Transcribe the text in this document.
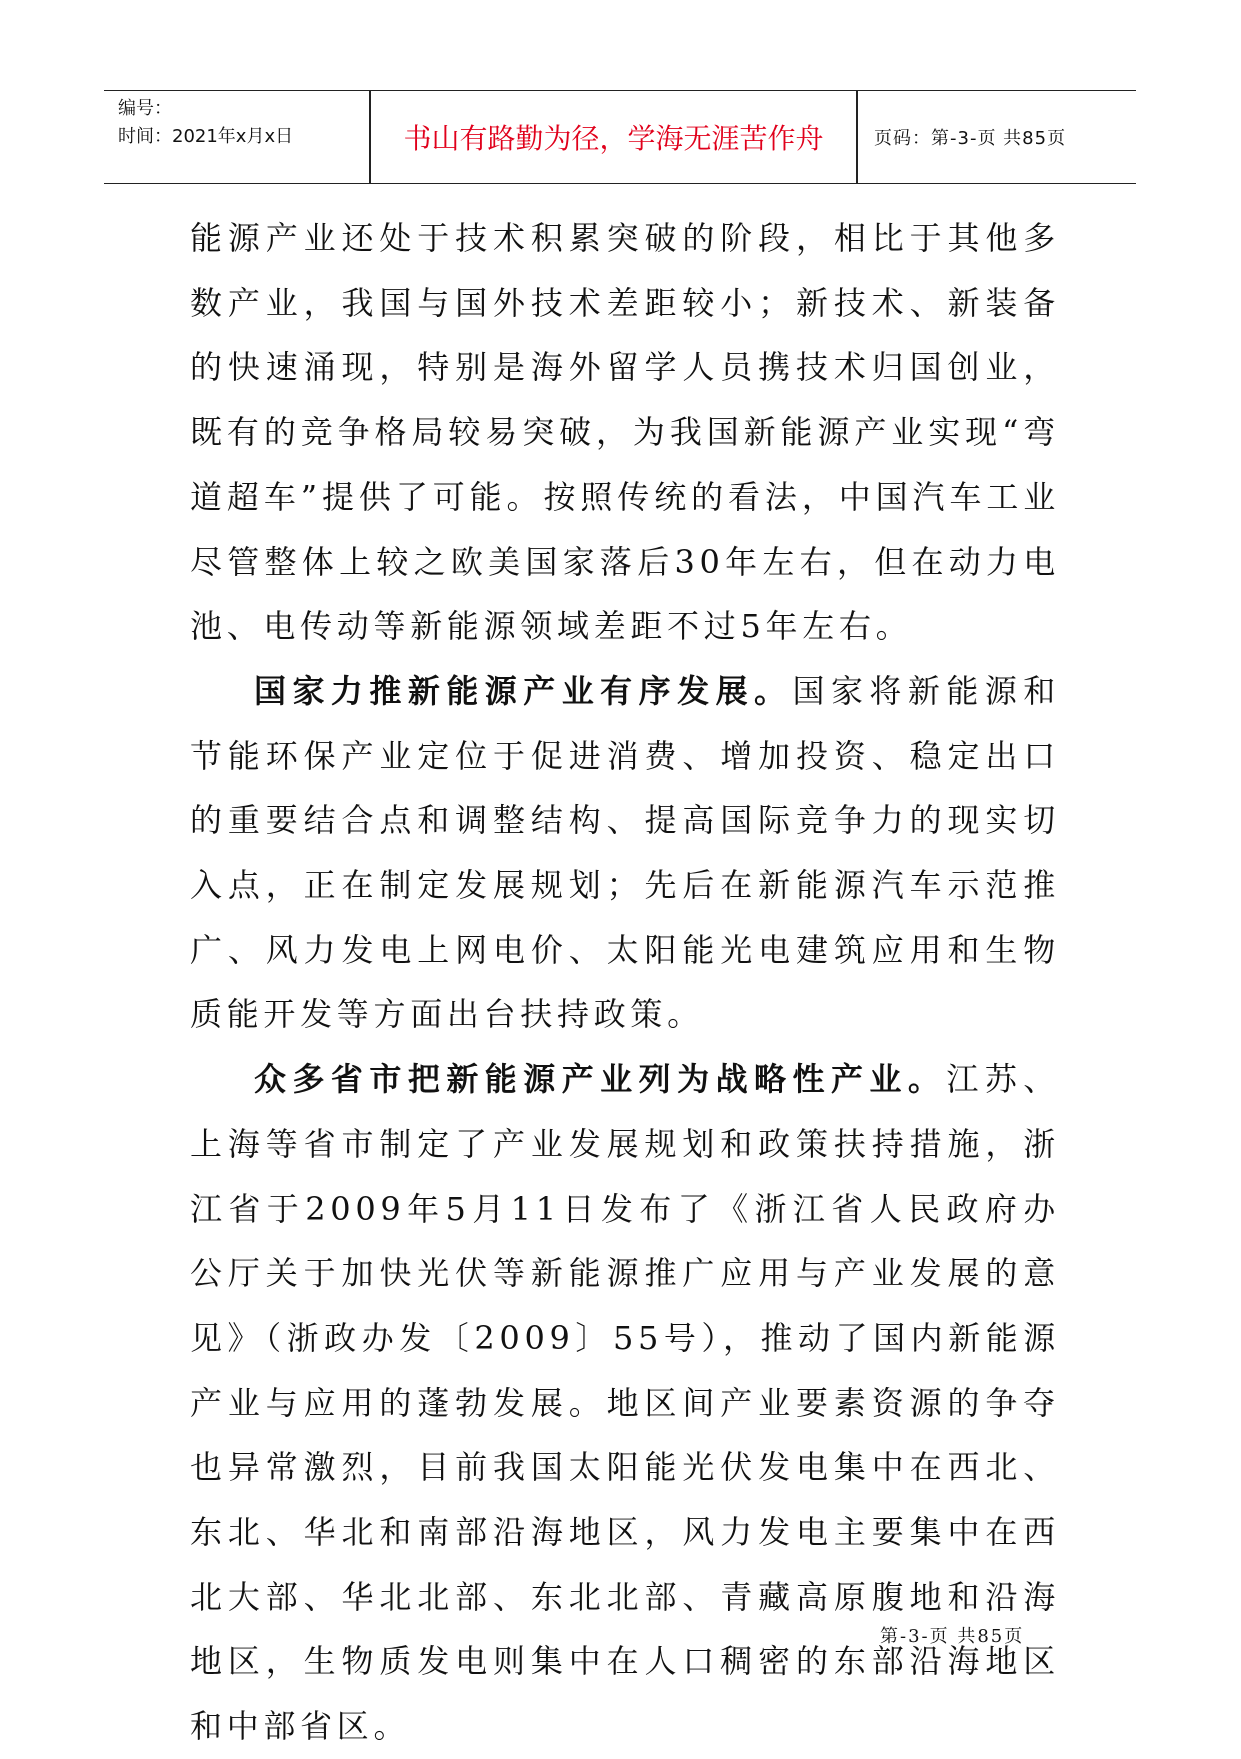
编号：
时间：2021年x月x日	书山有路勤为径，学海无涯苦作舟	页码：第-3-页 共85页

能源产业还处于技术积累突破的阶段，相比于其他多数产业，我国与国外技术差距较小；新技术、新装备的快速涌现，特别是海外留学人员携技术归国创业，既有的竞争格局较易突破，为我国新能源产业实现“弯道超车”提供了可能。按照传统的看法，中国汽车工业尽管整体上较之欧美国家落后30年左右，但在动力电池、电传动等新能源领域差距不过5年左右。

国家力推新能源产业有序发展。国家将新能源和节能环保产业定位于促进消费、增加投资、稳定出口的重要结合点和调整结构、提高国际竞争力的现实切入点，正在制定发展规划；先后在新能源汽车示范推广、风力发电上网电价、太阳能光电建筑应用和生物质能开发等方面出台扶持政策。

众多省市把新能源产业列为战略性产业。江苏、上海等省市制定了产业发展规划和政策扶持措施，浙江省于2009年5月11日发布了《浙江省人民政府办公厅关于加快光伏等新能源推广应用与产业发展的意见》（浙政办发〔2009〕55号），推动了国内新能源产业与应用的蓬勃发展。地区间产业要素资源的争夺也异常激烈，目前我国太阳能光伏发电集中在西北、东北、华北和南部沿海地区，风力发电主要集中在西北大部、华北北部、东北北部、青藏高原腹地和沿海地区，生物质发电则集中在人口稠密的东部沿海地区和中部省区。

第-3-页 共85页
